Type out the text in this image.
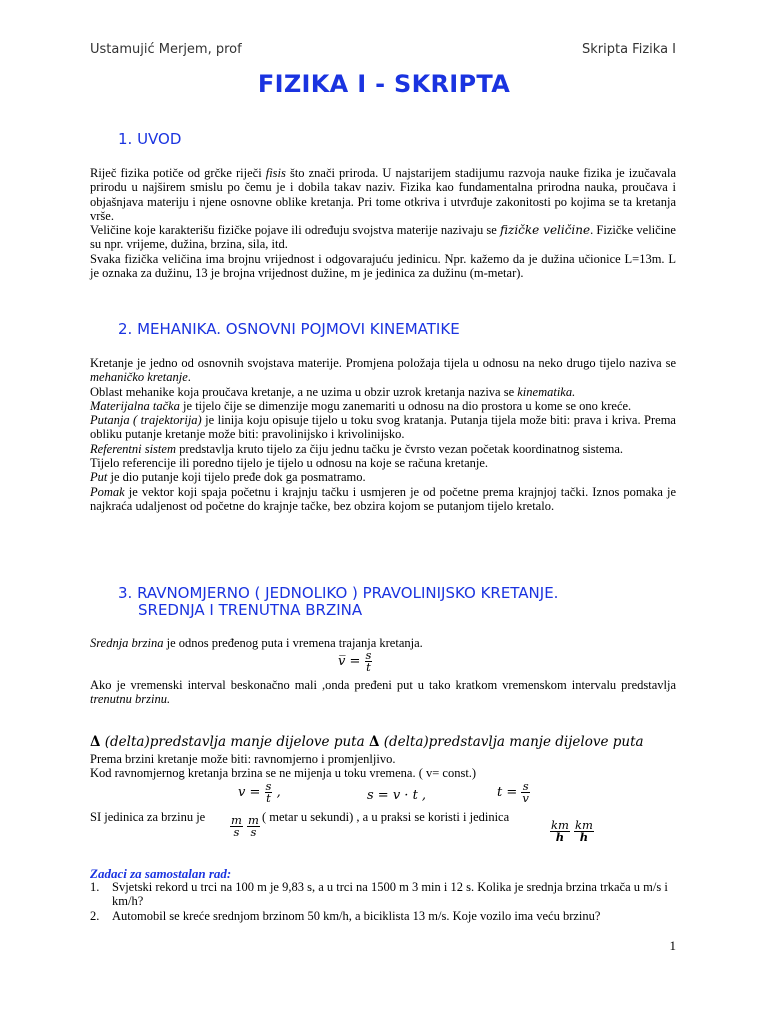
Ustamujić Merjem, prof	Skripta Fizika I
FIZIKA I - SKRIPTA
1. UVOD

Riječ fizika potiče od grčke riječi fisis što znači priroda. U najstarijem stadijumu razvoja nauke fizika je izučavala prirodu u najširem smislu po čemu je i dobila takav naziv. Fizika kao fundamentalna prirodna nauka, proučava i objašnjava materiju i njene osnovne oblike kretanja. Pri tome otkriva i utvrđuje zakonitosti po kojima se ta kretanja vrše.

Veličine koje karakterišu fizičke pojave ili određuju svojstva materije nazivaju se fizičke veličine. Fizičke veličine su npr. vrijeme, dužina, brzina, sila, itd.

Svaka fizička veličina ima brojnu vrijednost i odgovarajuću jedinicu. Npr. kažemo da je dužina učionice L=13m. L je oznaka za dužinu, 13 je brojna vrijednost dužine, m je jedinica za dužinu (m-metar).

2. MEHANIKA. OSNOVNI POJMOVI KINEMATIKE

Kretanje je jedno od osnovnih svojstava materije. Promjena položaja tijela u odnosu na neko drugo tijelo naziva se mehaničko kretanje.

Oblast mehanike koja proučava kretanje, a ne uzima u obzir uzrok kretanja naziva se kinematika.

Materijalna tačka je tijelo čije se dimenzije mogu zanemariti u odnosu na dio prostora u kome se ono kreće.

Putanja ( trajektorija) je linija koju opisuje tijelo u toku svog kratanja. Putanja tijela može biti: prava i kriva. Prema obliku putanje kretanje može biti: pravolinijsko i krivolinijsko.

Referentni sistem predstavlja kruto tijelo za čiju jednu tačku je čvrsto vezan početak koordinatnog sistema.

Tijelo referencije ili poredno tijelo je tijelo u odnosu na koje se računa kretanje.

Put je dio putanje koji tijelo pređe dok ga posmatramo.

Pomak je vektor koji spaja početnu i krajnju tačku i usmjeren je od početne prema krajnjoj tački. Iznos pomaka je najkraća udaljenost od početne do krajnje tačke, bez obzira kojom se putanjom tijelo kretalo.

3. RAVNOMJERNO ( JEDNOLIKO ) PRAVOLINIJSKO KRETANJE.
SREDNJA I TRENUTNA BRZINA

Srednja brzina je odnos pređenog puta i vremena trajanja kretanja.

v̅ = $\frac{s}{t}$

Ako je vremenski interval beskonačno mali ,onda pređeni put u tako kratkom vremenskom intervalu predstavlja trenutnu brzinu.

Δ (delta)predstavlja manje dijelove puta Δ (delta)predstavlja manje dijelove puta

Prema brzini kretanje može biti: ravnomjerno i promjenljivo.

Kod ravnomjernog kretanja brzina se ne mijenja u toku vremena. ( v= const.)

$v = \frac{s}{t}$ ,	s = v · t ,	$t = \frac{s}{v}$
SI jedinica za brzinu je $\frac{m}{s}$
$\frac{m}{s}$ ( metar u sekundi) , a u praksi se koristi i jedinica
$\frac{km}{h}$
$\frac{km}{h}$
Zadaci za samostalan rad:
1. Svjetski rekord u trci na 100 m je 9,83 s, a u trci na 1500 m 3 min i 12 s. Kolika je srednja brzina trkača u m/s i km/h?
2. Automobil se kreće srednjom brzinom 50 km/h, a biciklista 13 m/s. Koje vozilo ima veću brzinu?
1
